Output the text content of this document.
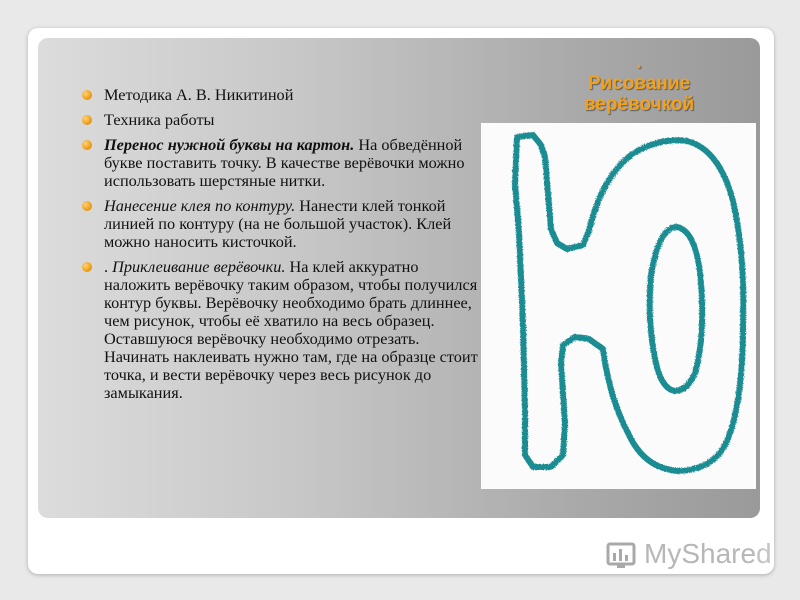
.
Рисование
верёвочкой
Методика А. В. Никитиной
Техника работы
Перенос нужной буквы на картон. На обведённой букве поставить точку. В качестве верёвочки можно использовать шерстяные нитки.
Нанесение клея по контуру. Нанести клей тонкой линией по контуру (на не большой участок). Клей можно наносить кисточкой.
. Приклеивание верёвочки. На клей аккуратно наложить верёвочку таким образом, чтобы получился контур буквы. Верёвочку необходимо брать длиннее, чем рисунок, чтобы её хватило на весь образец. Оставшуюся верёвочку необходимо отрезать. Начинать наклеивать нужно там, где на образце стоит точка, и вести верёвочку через весь рисунок до замыкания.
MyShare d
